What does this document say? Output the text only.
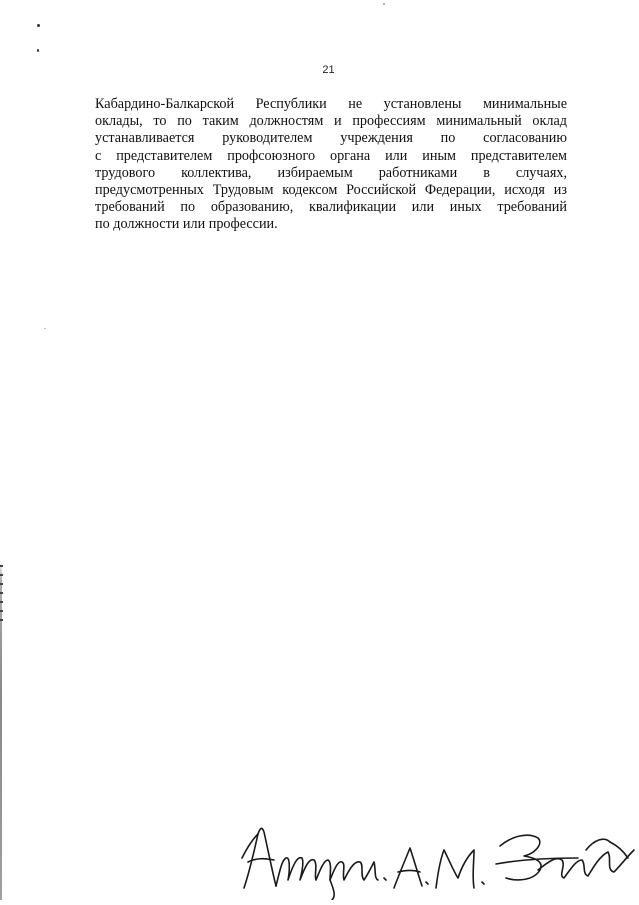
21
Кабардино-Балкарской Республики не установлены минимальные
оклады, то по таким должностям и профессиям минимальный оклад
устанавливается руководителем учреждения по согласованию
с представителем профсоюзного органа или иным представителем
трудового коллектива, избираемым работниками в случаях,
предусмотренных Трудовым кодексом Российской Федерации, исходя из
требований по образованию, квалификации или иных требований
по должности или профессии.
